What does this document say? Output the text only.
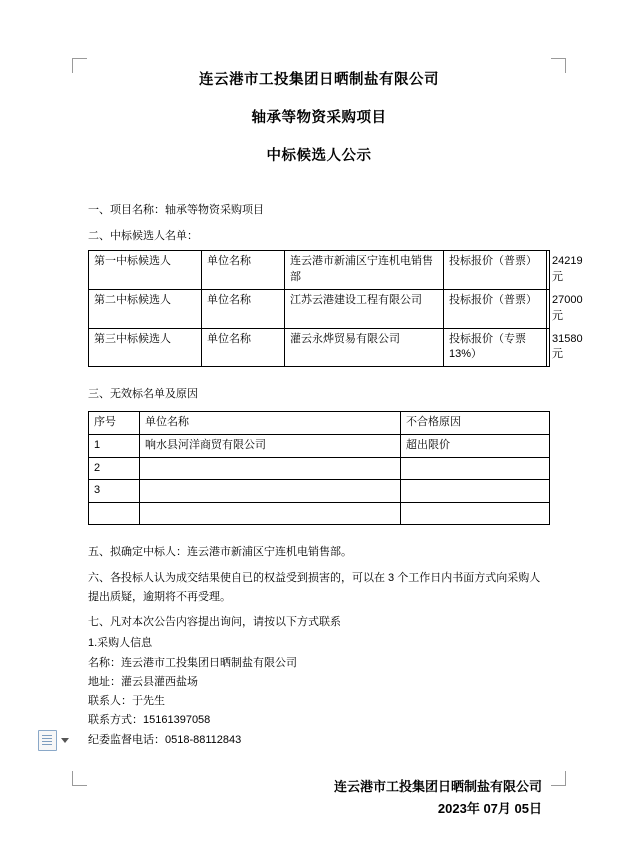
连云港市工投集团日晒制盐有限公司
轴承等物资采购项目
中标候选人公示
一、项目名称：轴承等物资采购项目
二、中标候选人名单：
第一中标候选人	单位名称	连云港市新浦区宁连机电销售部	投标报价（普票）	24219 元
第二中标候选人	单位名称	江苏云港建设工程有限公司	投标报价（普票）	27000 元
第三中标候选人	单位名称	灌云永烨贸易有限公司	投标报价（专票 13%）	31580 元
三、无效标名单及原因
序号	单位名称	不合格原因
1	响水县河洋商贸有限公司	超出限价
2		
3		

五、拟确定中标人：连云港市新浦区宁连机电销售部。
六、各投标人认为成交结果使自已的权益受到损害的，可以在 3 个工作日内书面方式向采购人提出质疑，逾期将不再受理。
七、凡对本次公告内容提出询问，请按以下方式联系
1.采购人信息
名称：连云港市工投集团日晒制盐有限公司
地址：灌云县灌西盐场
联系人：于先生
联系方式：15161397058
纪委监督电话：0518-88112843
连云港市工投集团日晒制盐有限公司
2023年 07月 05日
